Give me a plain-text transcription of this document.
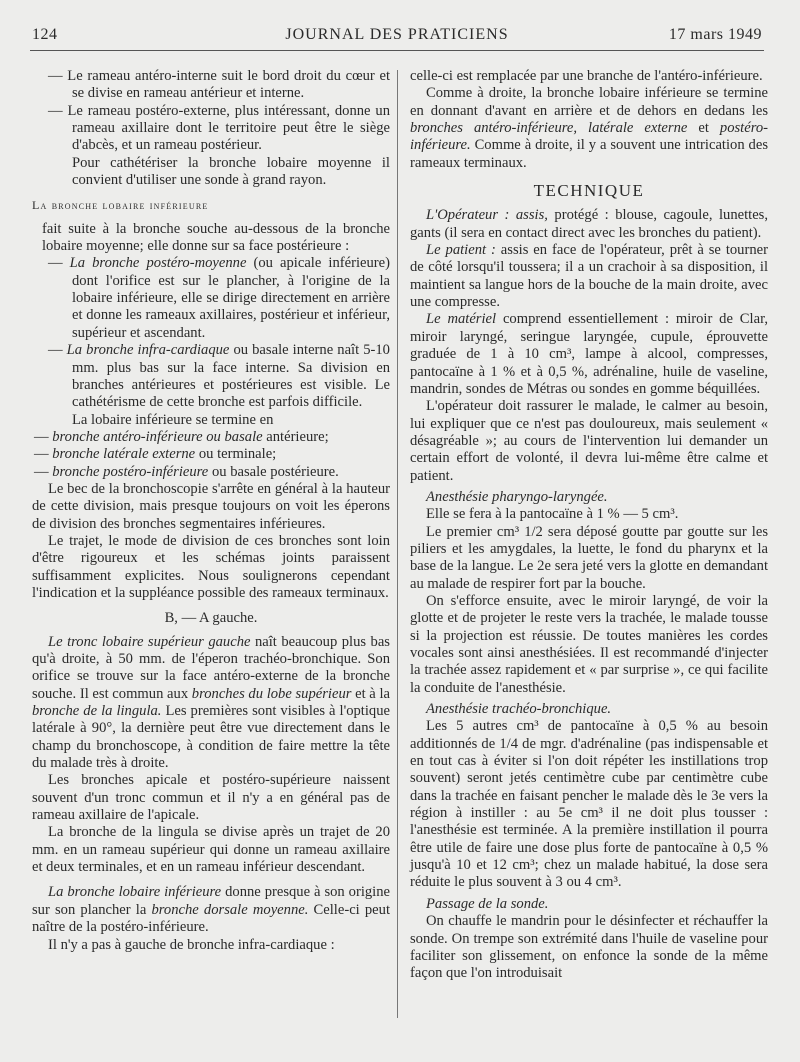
124	JOURNAL DES PRATICIENS	17 mars 1949

— Le rameau antéro-interne suit le bord droit du cœur et se divise en rameau antérieur et interne.

— Le rameau postéro-externe, plus intéressant, donne un rameau axillaire dont le territoire peut être le siège d'abcès, et un rameau postérieur.

Pour cathétériser la bronche lobaire moyenne il convient d'utiliser une sonde à grand rayon.

La bronche lobaire inférieure

fait suite à la bronche souche au-dessous de la bronche lobaire moyenne; elle donne sur sa face postérieure :

— La bronche postéro-moyenne (ou apicale inférieure) dont l'orifice est sur le plancher, à l'origine de la lobaire inférieure, elle se dirige directement en arrière et donne les rameaux axillaires, postérieur et inférieur, supérieur et ascendant.

— La bronche infra-cardiaque ou basale interne naît 5-10 mm. plus bas sur la face interne. Sa division en branches antérieures et postérieures est visible. Le cathétérisme de cette bronche est parfois difficile.

La lobaire inférieure se termine en

— bronche antéro-inférieure ou basale antérieure;

— bronche latérale externe ou terminale;

— bronche postéro-inférieure ou basale postérieure.

Le bec de la bronchoscopie s'arrête en général à la hauteur de cette division, mais presque toujours on voit les éperons de division des bronches segmentaires inférieures.

Le trajet, le mode de division de ces bronches sont loin d'être rigoureux et les schémas joints paraissent suffisamment explicites. Nous soulignerons cependant l'indication et la suppléance possible des rameaux terminaux.

B, — A gauche.

Le tronc lobaire supérieur gauche naît beaucoup plus bas qu'à droite, à 50 mm. de l'éperon trachéo-bronchique. Son orifice se trouve sur la face antéro-externe de la bronche souche. Il est commun aux bronches du lobe supérieur et à la bronche de la lingula. Les premières sont visibles à l'optique latérale à 90°, la dernière peut être vue directement dans le champ du bronchoscope, à condition de faire mettre la tête du malade très à droite.

Les bronches apicale et postéro-supérieure naissent souvent d'un tronc commun et il n'y a en général pas de rameau axillaire de l'apicale.

La bronche de la lingula se divise après un trajet de 20 mm. en un rameau supérieur qui donne un rameau axillaire et deux terminales, et en un rameau inférieur descendant.

La bronche lobaire inférieure donne presque à son origine sur son plancher la bronche dorsale moyenne. Celle-ci peut naître de la postéro-inférieure.

Il n'y a pas à gauche de bronche infra-cardiaque :

celle-ci est remplacée par une branche de l'antéro-inférieure.

Comme à droite, la bronche lobaire inférieure se termine en donnant d'avant en arrière et de dehors en dedans les bronches antéro-inférieure, latérale externe et postéro-inférieure. Comme à droite, il y a souvent une intrication des rameaux terminaux.

TECHNIQUE

L'Opérateur : assis, protégé : blouse, cagoule, lunettes, gants (il sera en contact direct avec les bronches du patient).

Le patient : assis en face de l'opérateur, prêt à se tourner de côté lorsqu'il toussera; il a un crachoir à sa disposition, il maintient sa langue hors de la bouche de la main droite, avec une compresse.

Le matériel comprend essentiellement : miroir de Clar, miroir laryngé, seringue laryngée, cupule, éprouvette graduée de 1 à 10 cm³, lampe à alcool, compresses, pantocaïne à 1 % et à 0,5 %, adrénaline, huile de vaseline, mandrin, sondes de Métras ou sondes en gomme béquillées.

L'opérateur doit rassurer le malade, le calmer au besoin, lui expliquer que ce n'est pas douloureux, mais seulement « désagréable »; au cours de l'intervention lui demander un certain effort de volonté, il devra lui-même être calme et patient.

Anesthésie pharyngo-laryngée.

Elle se fera à la pantocaïne à 1 % — 5 cm³.

Le premier cm³ 1/2 sera déposé goutte par goutte sur les piliers et les amygdales, la luette, le fond du pharynx et la base de la langue. Le 2e sera jeté vers la glotte en demandant au malade de respirer fort par la bouche.

On s'efforce ensuite, avec le miroir laryngé, de voir la glotte et de projeter le reste vers la trachée, le malade tousse si la projection est réussie. De toutes manières les cordes vocales sont ainsi anesthésiées. Il est recommandé d'injecter la trachée assez rapidement et « par surprise », ce qui facilite la conduite de l'anesthésie.

Anesthésie trachéo-bronchique.

Les 5 autres cm³ de pantocaïne à 0,5 % au besoin additionnés de 1/4 de mgr. d'adrénaline (pas indispensable et en tout cas à éviter si l'on doit répéter les instillations trop souvent) seront jetés centimètre cube par centimètre cube dans la trachée en faisant pencher le malade dès le 3e vers la région à instiller : au 5e cm³ il ne doit plus tousser : l'anesthésie est terminée. A la première instillation il pourra être utile de faire une dose plus forte de pantocaïne à 0,5 % jusqu'à 10 et 12 cm³; chez un malade habitué, la dose sera réduite le plus souvent à 3 ou 4 cm³.

Passage de la sonde.

On chauffe le mandrin pour le désinfecter et réchauffer la sonde. On trempe son extrémité dans l'huile de vaseline pour faciliter son glissement, on enfonce la sonde de la même façon que l'on introduisait
